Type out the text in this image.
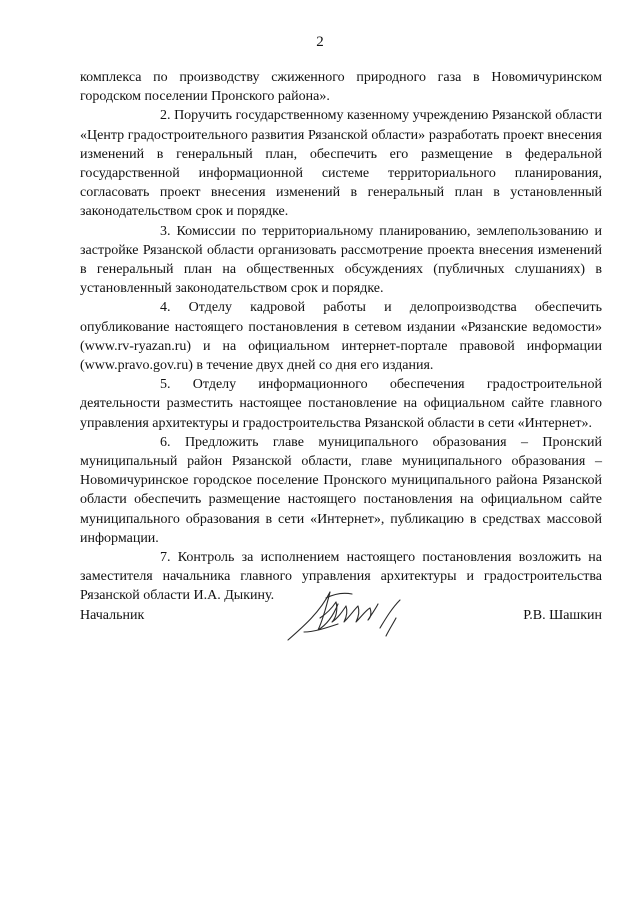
2

комплекса по производству сжиженного природного газа в Новомичуринском городском поселении Пронского района».

2. Поручить государственному казенному учреждению Рязанской области «Центр градостроительного развития Рязанской области» разработать проект внесения изменений в генеральный план, обеспечить его размещение в федеральной государственной информационной системе территориального планирования, согласовать проект внесения изменений в генеральный план в установленный законодательством срок и порядке.

3. Комиссии по территориальному планированию, землепользованию и застройке Рязанской области организовать рассмотрение проекта внесения изменений в генеральный план на общественных обсуждениях (публичных слушаниях) в установленный законодательством срок и порядке.

4. Отделу кадровой работы и делопроизводства обеспечить опубликование настоящего постановления в сетевом издании «Рязанские ведомости» (www.rv-ryazan.ru) и на официальном интернет-портале правовой информации (www.pravo.gov.ru) в течение двух дней со дня его издания.

5. Отделу информационного обеспечения градостроительной деятельности разместить настоящее постановление на официальном сайте главного управления архитектуры и градостроительства Рязанской области в сети «Интернет».

6. Предложить главе муниципального образования – Пронский муниципальный район Рязанской области, главе муниципального образования – Новомичуринское городское поселение Пронского муниципального района Рязанской области обеспечить размещение настоящего постановления на официальном сайте муниципального образования в сети «Интернет», публикацию в средствах массовой информации.

7. Контроль за исполнением настоящего постановления возложить на заместителя начальника главного управления архитектуры и градостроительства Рязанской области И.А. Дыкину.

Начальник	Р.В. Шашкин
